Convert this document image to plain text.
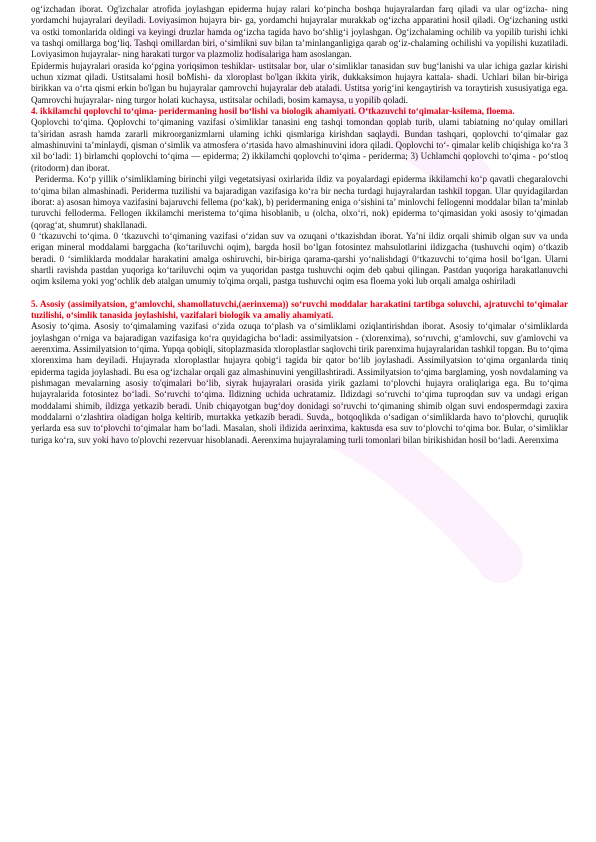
og‘izchadan iborat. Og'izchalar atrofida joylashgan epiderma hujay ralari ko‘pincha boshqa hujayralardan farq qiladi va ular og‘izcha- ning yordamchi hujayralari deyiladi. Loviyasimon hujayra bir- ga, yordamchi hujayralar murakkab og‘izcha apparatini hosil qiladi. Og‘izchaning ustki va ostki tomonlarida oldingi va keyingi druzlar hamda og‘izcha tagida havo bo‘shlig‘i joylashgan. Og‘izchalaming ochilib va yopilib turishi ichki va tashqi omillarga bog‘liq. Tashqi omillardan biri, o‘simlikni suv bilan ta’minlanganligiga qarab og‘iz-chalaming ochilishi va yopilishi kuzatiladi. Loviyasimon hujayralar- ning harakati turgor va plazmoliz hodisalariga ham asoslangan.

Epidermis hujayralari orasida ko‘pgina yoriqsimon teshiklar- ustitsalar bor, ular o‘simliklar tanasidan suv bug‘lanishi va ular ichiga gazlar kirishi uchun xizmat qiladi. Ustitsalami hosil boMishi- da xloroplast bo'lgan ikkita yirik, dukkaksimon hujayra kattala- shadi. Uchlari bilan bir-biriga birikkan va o‘rta qismi erkin bo'lgan bu hujayralar qamrovchi hujayralar deb ataladi. Ustitsa yorig‘ini kengaytirish va toraytirish xususiyatiga ega. Qamrovchi hujayralar- ning turgor holati kuchaysa, ustitsalar ochiladi, bosim kamaysa, u yopilib qoladi.

4. ikkilamchi qoplovchi to‘qima- peridermaning hosil bo‘lishi va biologik ahamiyati. O‘tkazuvchi to‘qimalar-ksilema, floema.

Qoplovchi to‘qima. Qoplovchi to‘qimaning vazifasi o'simliklar tanasini eng tashqi tomondan qoplab turib, ulami tabiatning no‘qulay omillari ta’siridan asrash hamda zararli mikroorganizmlarni ulaming ichki qismlariga kirishdan saqlaydi. Bundan tashqari, qoplovchi to‘qimalar gaz almashinuvini ta’minlaydi, qisman o‘simlik va atmosfera o‘rtasida havo almashinuvini idora qiladi. Qoplovchi to‘- qimalar kelib chiqishiga ko‘ra 3 xil bo‘ladi: 1) birlamchi qoplovchi to‘qima — epiderma; 2) ikkilamchi qoplovchi to‘qima - periderma; 3) Uchlamchi qoplovchi to‘qima - po‘stloq (ritodorm) dan iborat.

Periderma. Ko‘p yillik o‘simliklaming birinchi yilgi vegetatsiyasi oxirlarida ildiz va poyalardagi epiderma ikkilamchi ko‘p qavatli chegaralovchi to‘qima bilan almashinadi. Periderma tuzilishi va bajaradigan vazifasiga ko‘ra bir necha turdagi hujayralardan tashkil topgan. Ular quyidagilardan iborat: a) asosan himoya vazifasini bajaruvchi fellema (po‘kak), b) peridermaning eniga o‘sishini ta’ minlovchi fellogenni moddalar bilan ta’minlab turuvchi felloderma. Fellogen ikkilamchi meristema to‘qima hisoblanib, u (olcha, olxo‘ri, nok) epiderma to‘qimasidan yoki asosiy to‘qimadan (qorag‘at, shumrut) shakllanadi.

0 ‘tkazuvchi to‘qima. 0 ‘tkazuvchi to‘qimaning vazifasi o‘zidan suv va ozuqani o‘tkazishdan iborat. Ya’ni ildiz orqali shimib olgan suv va unda erigan mineral moddalami barggacha (ko‘tariluvchi oqim), bargda hosil bo‘lgan fotosintez mahsulotlarini ildizgacha (tushuvchi oqim) o‘tkazib beradi. 0 ‘simliklarda moddalar harakatini amalga oshiruvchi, bir-biriga qarama-qarshi yo‘nalishdagi 0‘tkazuvchi to‘qima hosil bo‘lgan. Ularni shartli ravishda pastdan yuqoriga ko‘tariluvchi oqim va yuqoridan pastga tushuvchi oqim deb qabui qilingan. Pastdan yuqoriga harakatlanuvchi oqim ksilema yoki yog‘ochlik deb atalgan umumiy to'qima orqali, pastga tushuvchi oqim esa floema yoki lub orqali amalga oshiriladi

5. Asosiy (assimilyatsion, g‘amlovchi, shamollatuvchi,(aerinxema)) so‘ruvchi moddalar harakatini tartibga soluvchi, ajratuvchi to‘qimalar tuzilishi, o‘simlik tanasida joylashishi, vazifalari biologik va amaliy ahamiyati.

Asosiy to‘qima. Asosiy to‘qimalaming vazifasi o‘zida ozuqa to‘plash va o‘simliklami oziqlantirishdan iborat. Asosiy to‘qimalar o‘simliklarda joylashgan o‘rniga va bajaradigan vazifasiga ko‘ra quyidagicha bo‘ladi: assimilyatsion - (xlorenxima), so‘ruvchi, g‘amlovchi, suv g'amlovchi va aerenxima. Assimilyatsion to‘qima. Yupqa qobiqli, sitoplazmasida xloroplastlar saqlovchi tirik parenxima hujayralaridan tashkil topgan. Bu to‘qima xlorenxima ham deyiladi. Hujayrada xloroplastlar hujayra qobig‘i tagida bir qator bo‘lib joylashadi. Assimilyatsion to‘qima organlarda tiniq epiderma tagida joylashadi. Bu esa og‘izchalar orqali gaz almashinuvini yengillashtiradi. Assimilyatsion to‘qima barglaming, yosh novdalaming va pishmagan mevalarning asosiy to'qimalari bo‘lib, siyrak hujayralari orasida yirik gazlami to‘plovchi hujayra oraliqlariga ega. Bu to‘qima hujayralarida fotosintez bo‘ladi. So‘ruvchi to‘qima. Ildizning uchida uchratamiz. Ildizdagi so‘ruvchi to‘qima tuproqdan suv va undagi erigan moddalami shimib, ildizga yetkazib beradi. Unib chiqayotgan bug‘doy donidagi so‘ruvchi to‘qimaning shimib olgan suvi endospermdagi zaxira moddalarni o‘zlashtira oladigan holga keltirib, murtakka yetkazib beradi. Suvda,, botqoqlikda o‘sadigan o‘simliklarda havo to‘plovchi, quruqlik yerlarda esa suv to‘plovchi to‘qimalar ham bo‘ladi. Masalan, sholi ildizida aerinxima, kaktusda esa suv to‘plovchi to‘qima bor. Bular, o‘simliklar turiga ko‘ra, suv yoki havo to'plovchi rezervuar hisoblanadi. Aerenxima hujayralaming turli tomonlari bilan birikishidan hosil bo‘ladi. Aerenxima
